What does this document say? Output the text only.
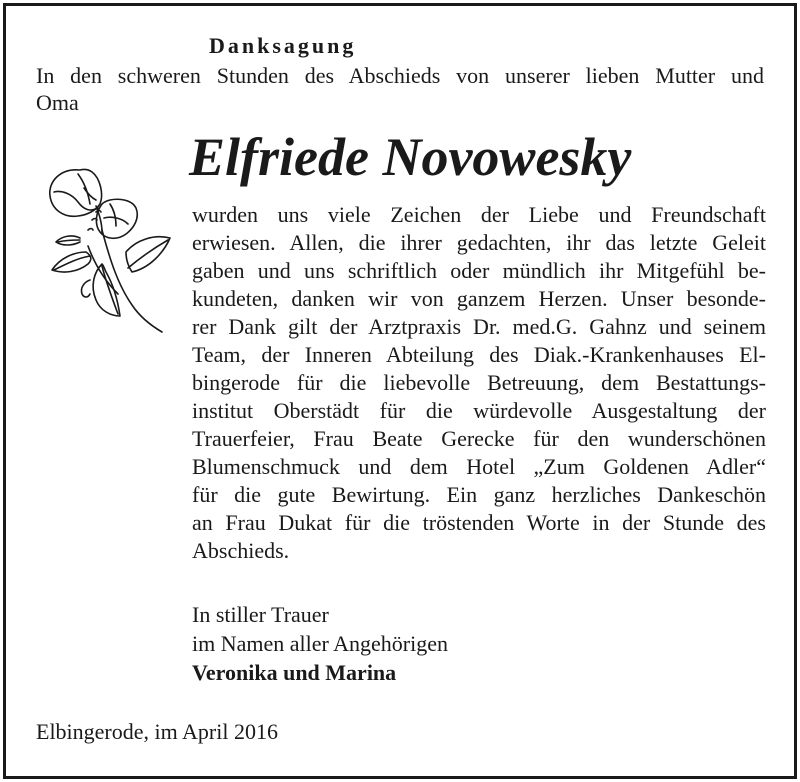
Danksagung
In den schweren Stunden des Abschieds von unserer lieben Mutter und
Oma
Elfriede Novowesky
wurden uns viele Zeichen der Liebe und Freundschaft
erwiesen. Allen, die ihrer gedachten, ihr das letzte Geleit
gaben und uns schriftlich oder mündlich ihr Mitgefühl be-
kundeten, danken wir von ganzem Herzen. Unser besonde-
rer Dank gilt der Arztpraxis Dr. med.G. Gahnz und seinem
Team, der Inneren Abteilung des Diak.-Krankenhauses El-
bingerode für die liebevolle Betreuung, dem Bestattungs-
institut Oberstädt für die würdevolle Ausgestaltung der
Trauerfeier, Frau Beate Gerecke für den wunderschönen
Blumenschmuck und dem Hotel „Zum Goldenen Adler“
für die gute Bewirtung. Ein ganz herzliches Dankeschön
an Frau Dukat für die tröstenden Worte in der Stunde des
Abschieds.
In stiller Trauer
im Namen aller Angehörigen
Veronika und Marina
Elbingerode, im April 2016
